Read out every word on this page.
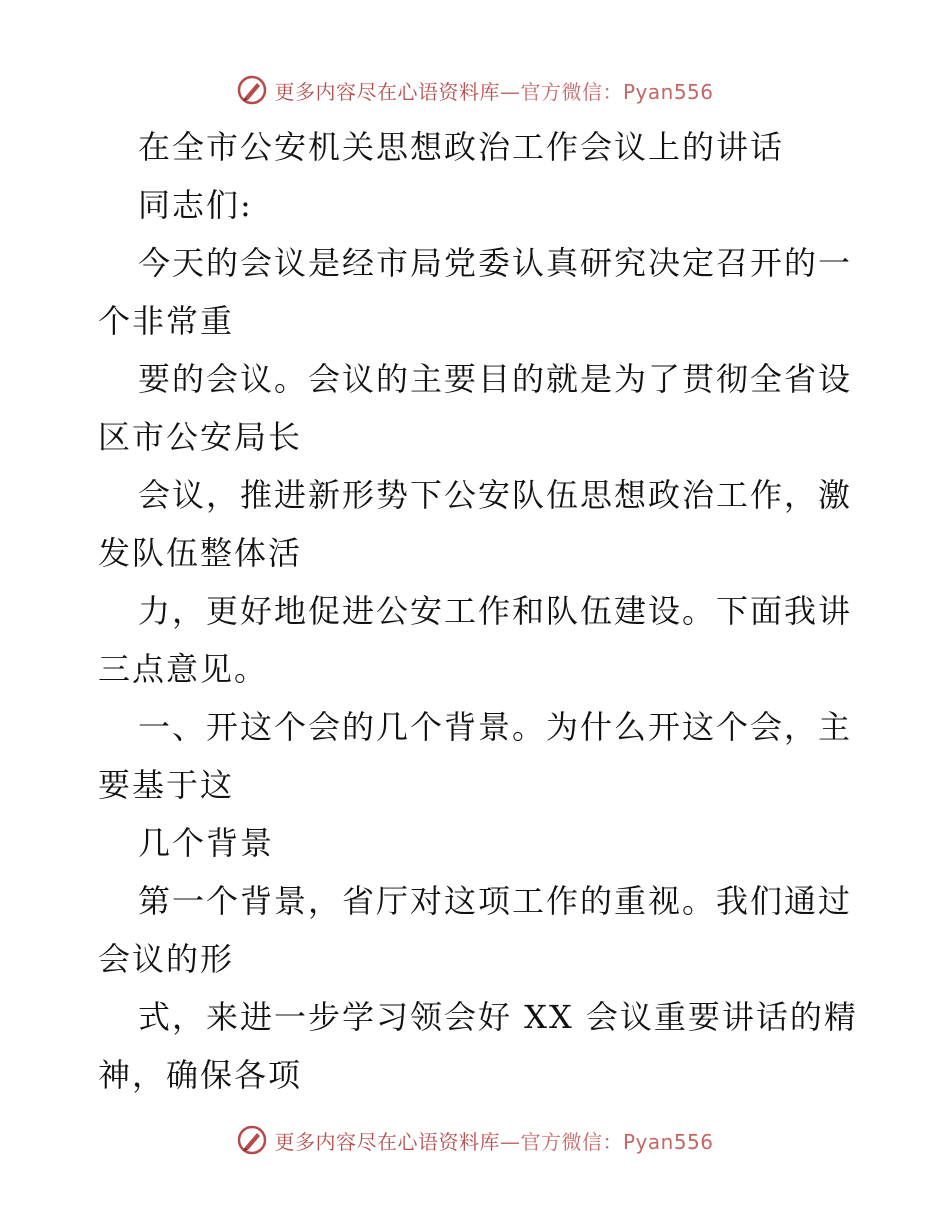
更多内容尽在心语资料库—官方微信：Pyan556
在全市公安机关思想政治工作会议上的讲话
同志们:
今天的会议是经市局党委认真研究决定召开的一
个非常重
要的会议。会议的主要目的就是为了贯彻全省设
区市公安局长
会议，推进新形势下公安队伍思想政治工作，激
发队伍整体活
力，更好地促进公安工作和队伍建设。下面我讲
三点意见。
一、开这个会的几个背景。为什么开这个会，主
要基于这
几个背景
第一个背景，省厅对这项工作的重视。我们通过
会议的形
式，来进一步学习领会好 XX 会议重要讲话的精
神，确保各项
更多内容尽在心语资料库—官方微信：Pyan556
